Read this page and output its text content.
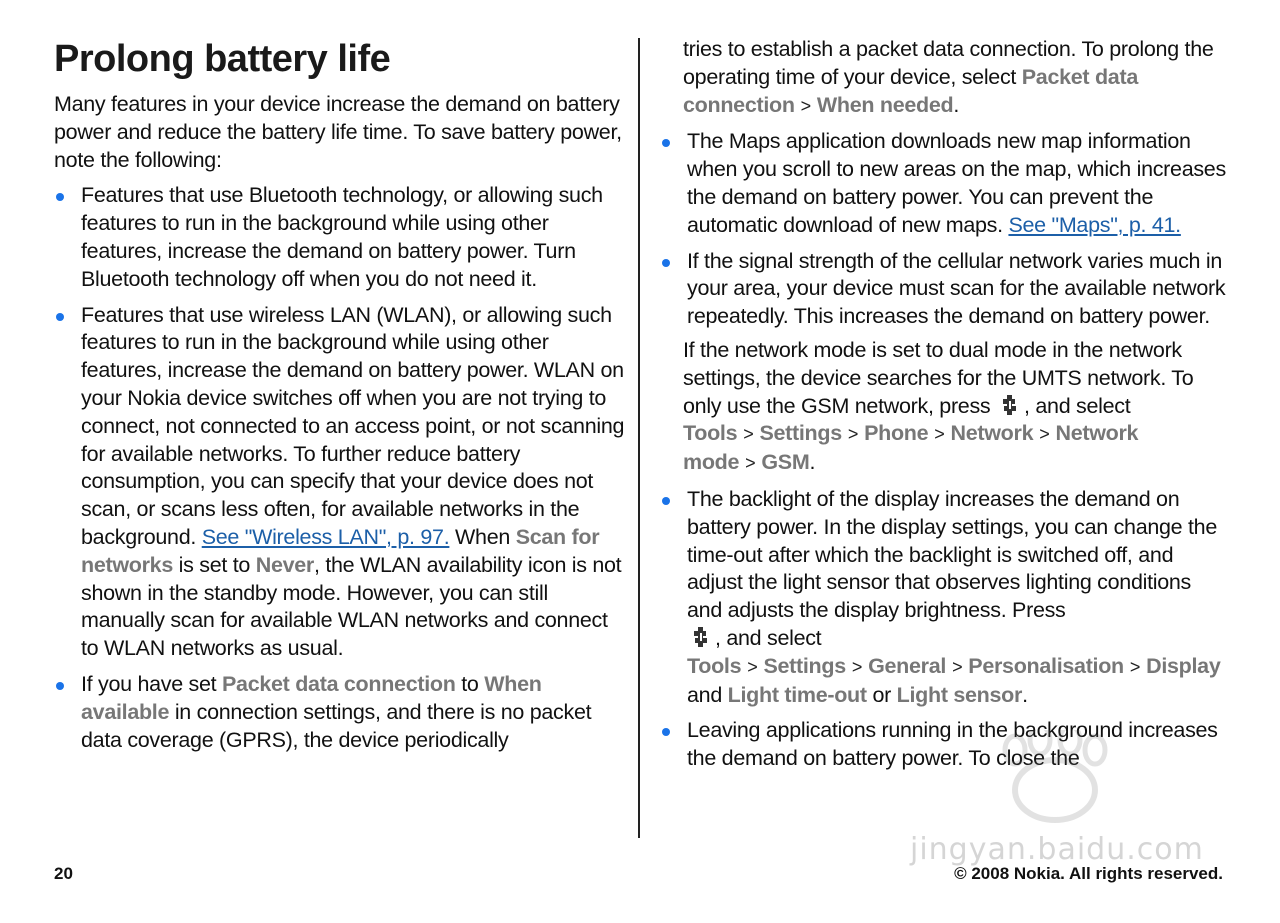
Prolong battery life

Many features in your device increase the demand on battery power and reduce the battery life time. To save battery power, note the following:

Features that use Bluetooth technology, or allowing such features to run in the background while using other features, increase the demand on battery power. Turn Bluetooth technology off when you do not need it.
Features that use wireless LAN (WLAN), or allowing such features to run in the background while using other features, increase the demand on battery power. WLAN on your Nokia device switches off when you are not trying to connect, not connected to an access point, or not scanning for available networks. To further reduce battery consumption, you can specify that your device does not scan, or scans less often, for available networks in the background. See "Wireless LAN", p. 97. When Scan for networks is set to Never, the WLAN availability icon is not shown in the standby mode. However, you can still manually scan for available WLAN networks and connect to WLAN networks as usual.
If you have set Packet data connection to When available in connection settings, and there is no packet data coverage (GPRS), the device periodically

tries to establish a packet data connection. To prolong the operating time of your device, select Packet data connection > When needed.

The Maps application downloads new map information when you scroll to new areas on the map, which increases the demand on battery power. You can prevent the automatic download of new maps. See "Maps", p. 41.
If the signal strength of the cellular network varies much in your area, your device must scan for the available network repeatedly. This increases the demand on battery power.

If the network mode is set to dual mode in the network settings, the device searches for the UMTS network. To only use the GSM network, press , and select
Tools > Settings > Phone > Network > Network mode > GSM.

The backlight of the display increases the demand on battery power. In the display settings, you can change the time-out after which the backlight is switched off, and adjust the light sensor that observes lighting conditions and adjusts the display brightness. Press
, and select Tools > Settings > General > Personalisation > Display and Light time-out or Light sensor.
Leaving applications running in the background increases the demand on battery power. To close the
20	© 2008 Nokia. All rights reserved.
jingyan.baidu.com
